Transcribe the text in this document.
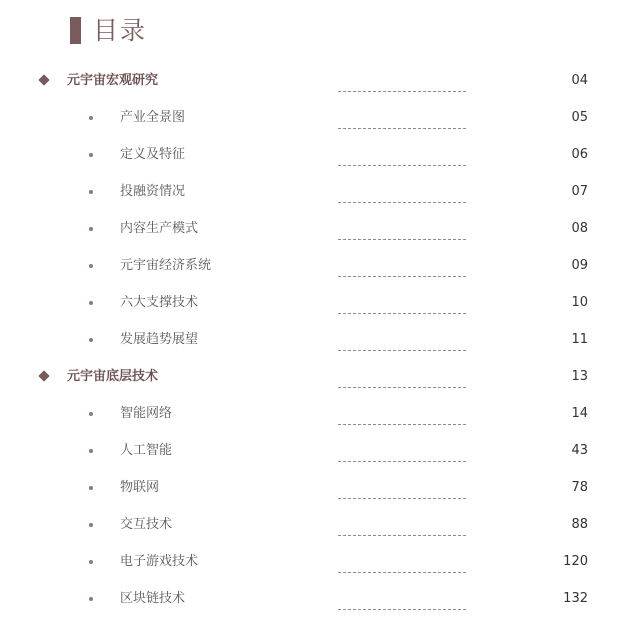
目录
元宇宙宏观研究	04
产业全景图	05
定义及特征	06
投融资情况	07
内容生产模式	08
元宇宙经济系统	09
六大支撑技术	10
发展趋势展望	11
元宇宙底层技术	13
智能网络	14
人工智能	43
物联网	78
交互技术	88
电子游戏技术	120
区块链技术	132
